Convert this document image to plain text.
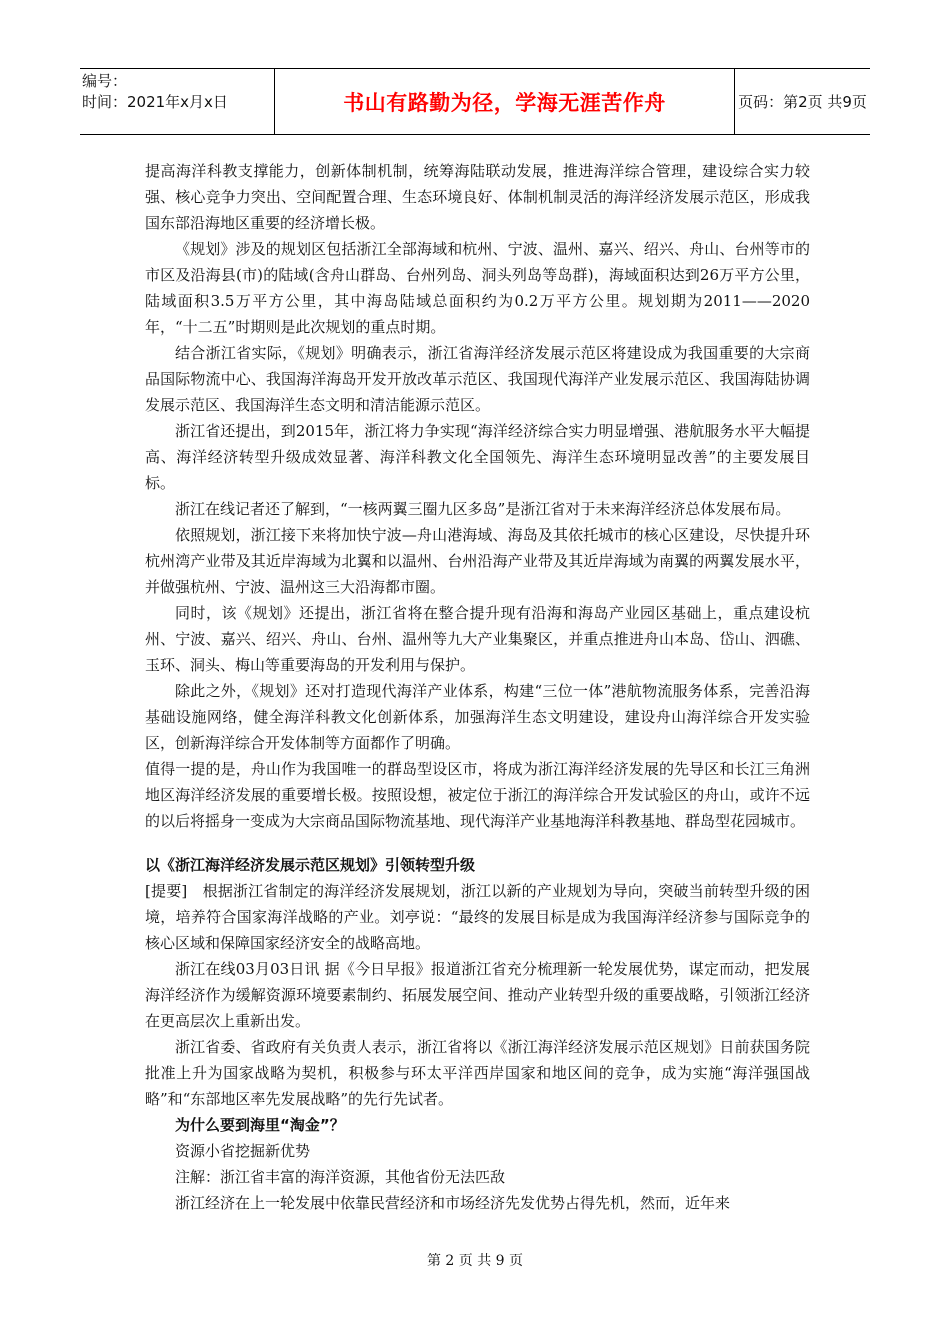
编号：
时间：2021年x月x日	书山有路勤为径，学海无涯苦作舟	页码：第2页 共9页

提高海洋科教支撑能力，创新体制机制，统筹海陆联动发展，推进海洋综合管理，建设综合实力较强、核心竞争力突出、空间配置合理、生态环境良好、体制机制灵活的海洋经济发展示范区，形成我国东部沿海地区重要的经济增长极。

《规划》涉及的规划区包括浙江全部海域和杭州、宁波、温州、嘉兴、绍兴、舟山、台州等市的市区及沿海县(市)的陆域(含舟山群岛、台州列岛、洞头列岛等岛群)，海域面积达到26万平方公里，陆域面积3.5万平方公里，其中海岛陆域总面积约为0.2万平方公里。规划期为2011——2020年，“十二五”时期则是此次规划的重点时期。

结合浙江省实际，《规划》明确表示，浙江省海洋经济发展示范区将建设成为我国重要的大宗商品国际物流中心、我国海洋海岛开发开放改革示范区、我国现代海洋产业发展示范区、我国海陆协调发展示范区、我国海洋生态文明和清洁能源示范区。

浙江省还提出，到2015年，浙江将力争实现“海洋经济综合实力明显增强、港航服务水平大幅提高、海洋经济转型升级成效显著、海洋科教文化全国领先、海洋生态环境明显改善”的主要发展目标。

浙江在线记者还了解到，“一核两翼三圈九区多岛”是浙江省对于未来海洋经济总体发展布局。

依照规划，浙江接下来将加快宁波—舟山港海域、海岛及其依托城市的核心区建设，尽快提升环杭州湾产业带及其近岸海域为北翼和以温州、台州沿海产业带及其近岸海域为南翼的两翼发展水平，并做强杭州、宁波、温州这三大沿海都市圈。

同时，该《规划》还提出，浙江省将在整合提升现有沿海和海岛产业园区基础上，重点建设杭州、宁波、嘉兴、绍兴、舟山、台州、温州等九大产业集聚区，并重点推进舟山本岛、岱山、泗礁、玉环、洞头、梅山等重要海岛的开发利用与保护。

除此之外，《规划》还对打造现代海洋产业体系，构建“三位一体”港航物流服务体系，完善沿海基础设施网络，健全海洋科教文化创新体系，加强海洋生态文明建设，建设舟山海洋综合开发实验区，创新海洋综合开发体制等方面都作了明确。

值得一提的是，舟山作为我国唯一的群岛型设区市，将成为浙江海洋经济发展的先导区和长江三角洲地区海洋经济发展的重要增长极。按照设想，被定位于浙江的海洋综合开发试验区的舟山，或许不远的以后将摇身一变成为大宗商品国际物流基地、现代海洋产业基地海洋科教基地、群岛型花园城市。

以《浙江海洋经济发展示范区规划》引领转型升级

[提要]　根据浙江省制定的海洋经济发展规划，浙江以新的产业规划为导向，突破当前转型升级的困境，培养符合国家海洋战略的产业。刘亭说：“最终的发展目标是成为我国海洋经济参与国际竞争的核心区域和保障国家经济安全的战略高地。

浙江在线03月03日讯 据《今日早报》报道浙江省充分梳理新一轮发展优势，谋定而动，把发展海洋经济作为缓解资源环境要素制约、拓展发展空间、推动产业转型升级的重要战略，引领浙江经济在更高层次上重新出发。

浙江省委、省政府有关负责人表示，浙江省将以《浙江海洋经济发展示范区规划》日前获国务院批准上升为国家战略为契机，积极参与环太平洋西岸国家和地区间的竞争，成为实施“海洋强国战略”和“东部地区率先发展战略”的先行先试者。

为什么要到海里“淘金”？

资源小省挖掘新优势

注解：浙江省丰富的海洋资源，其他省份无法匹敌

浙江经济在上一轮发展中依靠民营经济和市场经济先发优势占得先机，然而，近年来

第 2 页 共 9 页
